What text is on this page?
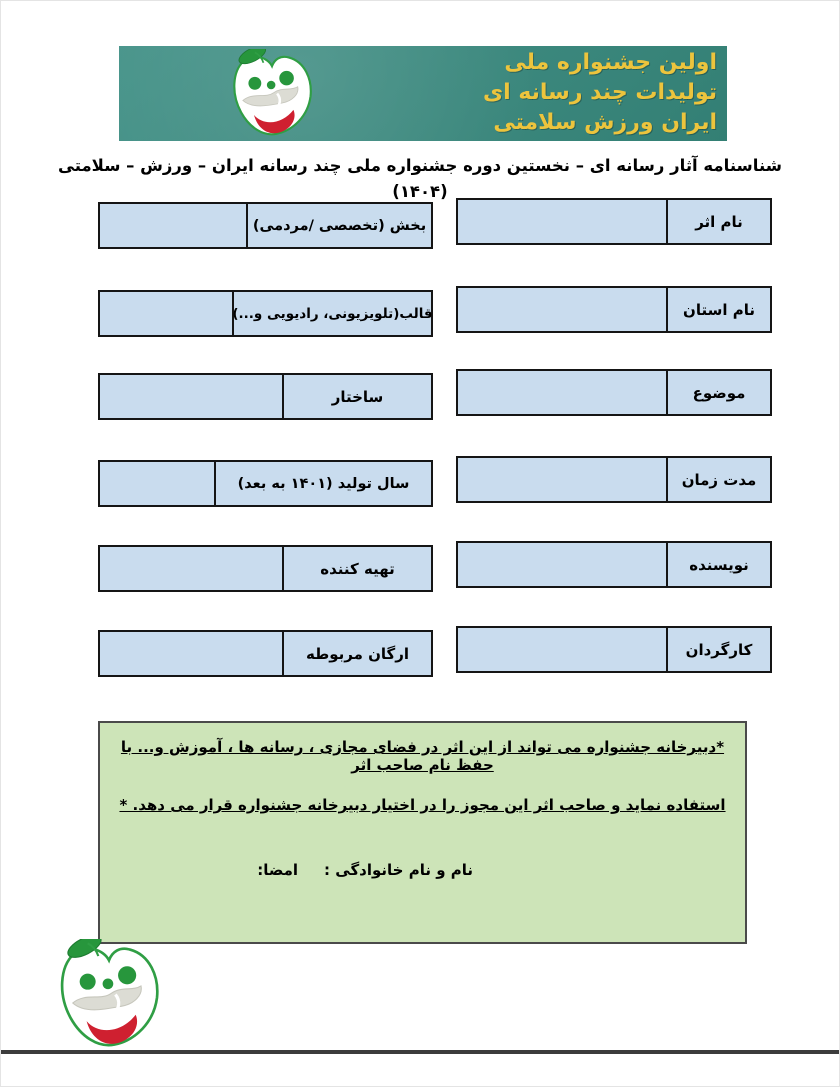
اولین جشنواره ملی
تولیدات چند رسانه ای
ایران ورزش سلامتی
شناسنامه آثار رسانه ای – نخستین دوره جشنواره ملی چند رسانه ایران – ورزش – سلامتی (۱۴۰۴)
نام اثر
نام استان
موضوع
مدت زمان
نویسنده
کارگردان
بخش (تخصصی /مردمی)
قالب(تلویزیونی، رادیویی و...)
ساختار
سال تولید (۱۴۰۱ به بعد)
تهیه کننده
ارگان مربوطه
*دبیرخانه جشنواره می تواند از این اثر در فضای مجازی ، رسانه ها ، آموزش و... با حفظ نام صاحب اثر
استفاده نماید و صاحب اثر این مجوز را در اختیار دبیرخانه جشنواره قرار می دهد. *
نام و نام خانوادگی :
امضا:
